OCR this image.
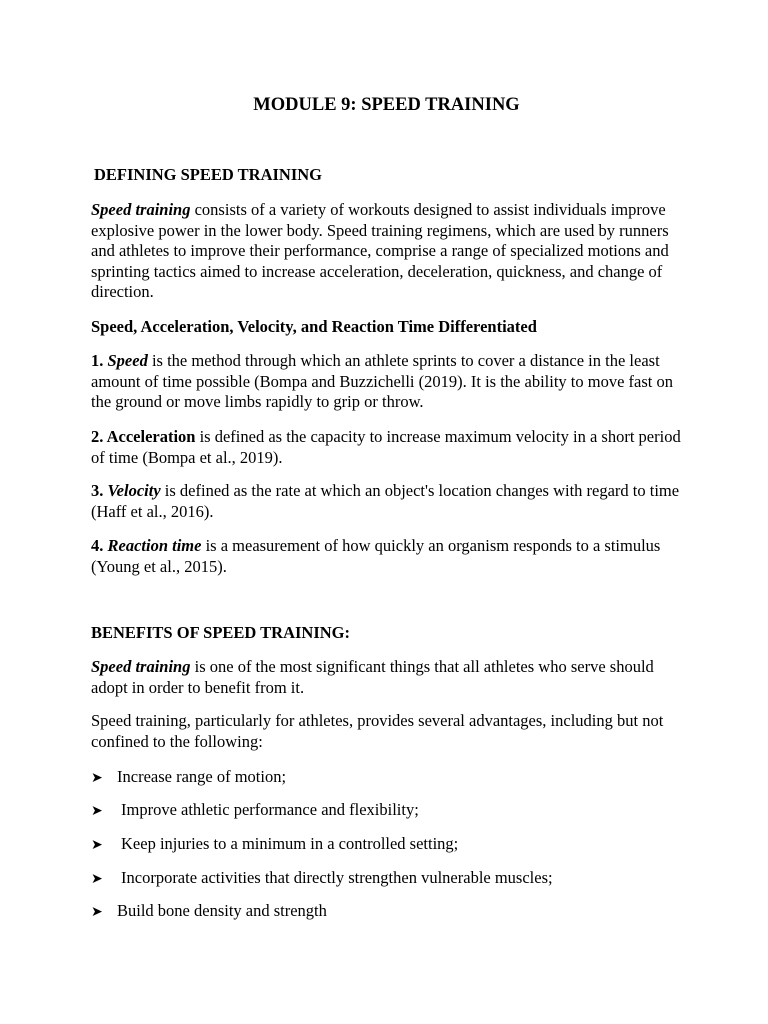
MODULE 9: SPEED TRAINING
DEFINING SPEED TRAINING

Speed training consists of a variety of workouts designed to assist individuals improve explosive power in the lower body. Speed training regimens, which are used by runners and athletes to improve their performance, comprise a range of specialized motions and sprinting tactics aimed to increase acceleration, deceleration, quickness, and change of direction.

Speed, Acceleration, Velocity, and Reaction Time Differentiated

1. Speed is the method through which an athlete sprints to cover a distance in the least amount of time possible (Bompa and Buzzichelli (2019). It is the ability to move fast on the ground or move limbs rapidly to grip or throw.

2. Acceleration is defined as the capacity to increase maximum velocity in a short period of time (Bompa et al., 2019).

3. Velocity is defined as the rate at which an object's location changes with regard to time (Haff et al., 2016).

4. Reaction time is a measurement of how quickly an organism responds to a stimulus (Young et al., 2015).

BENEFITS OF SPEED TRAINING:

Speed training is one of the most significant things that all athletes who serve should adopt in order to benefit from it.

Speed training, particularly for athletes, provides several advantages, including but not confined to the following:
➤ Increase range of motion;
➤ Improve athletic performance and flexibility;
➤ Keep injuries to a minimum in a controlled setting;
➤ Incorporate activities that directly strengthen vulnerable muscles;
➤ Build bone density and strength
